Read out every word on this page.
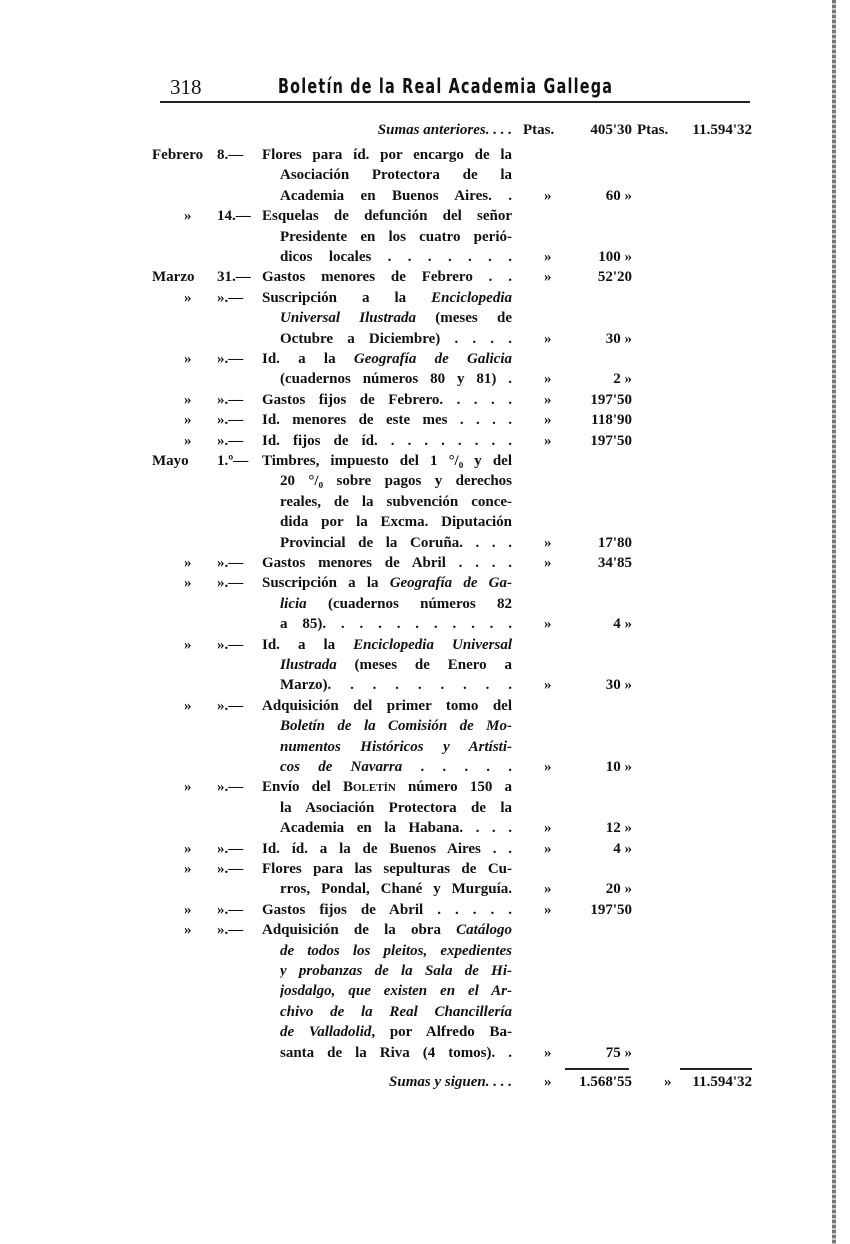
318	Boletín de la Real Academia Gallega
Sumas anteriores. . . . Ptas.	405'30 Ptas.	11.594'32
Febrero 8.— Flores para íd. por encargo de la
Asociación Protectora de la
Academia en Buenos Aires. . »	60 »
» 14.— Esquelas de defunción del señor
Presidente en los cuatro perió-
dicos locales . . . . . . . »	100 »
Marzo 31.— Gastos menores de Febrero . . »	52'20
» ».— Suscripción a la Enciclopedia
Universal Ilustrada (meses de
Octubre a Diciembre) . . . . »	30 »
» ».— Id. a la Geografía de Galicia
(cuadernos números 80 y 81) . »	2 »
» ».— Gastos fijos de Febrero. . . . . »	197'50
» ».— Id. menores de este mes . . . . »	118'90
» ».— Id. fijos de íd. . . . . . . . . »	197'50
Mayo 1.º— Timbres, impuesto del 1 °/₀ y del
20 °/₀ sobre pagos y derechos
reales, de la subvención conce-
dida por la Excma. Diputación
Provincial de la Coruña. . . . »	17'80
» ».— Gastos menores de Abril . . . . »	34'85
» ».— Suscripción a la Geografía de Ga-
licia (cuadernos números 82
a 85). . . . . . . . . . . »	4 »
» ».— Id. a la Enciclopedia Universal
Ilustrada (meses de Enero a
Marzo). . . . . . . . . »	30 »
» ».— Adquisición del primer tomo del
Boletín de la Comisión de Mo-
numentos Históricos y Artísti-
cos de Navarra . . . . . »	10 »
» ».— Envío del Boletín número 150 a
la Asociación Protectora de la
Academia en la Habana. . . . »	12 »
» ».— Id. íd. a la de Buenos Aires . . »	4 »
» ».— Flores para las sepulturas de Cu-
rros, Pondal, Chané y Murguía. »	20 »
» ».— Gastos fijos de Abril . . . . . »	197'50
» ».— Adquisición de la obra Catálogo
de todos los pleitos, expedientes
y probanzas de la Sala de Hi-
josdalgo, que existen en el Ar-
chivo de la Real Chancillería
de Valladolid, por Alfredo Ba-
santa de la Riva (4 tomos). . »	75 »
Sumas y siguen. . . . »	1.568'55 »	11.594'32
